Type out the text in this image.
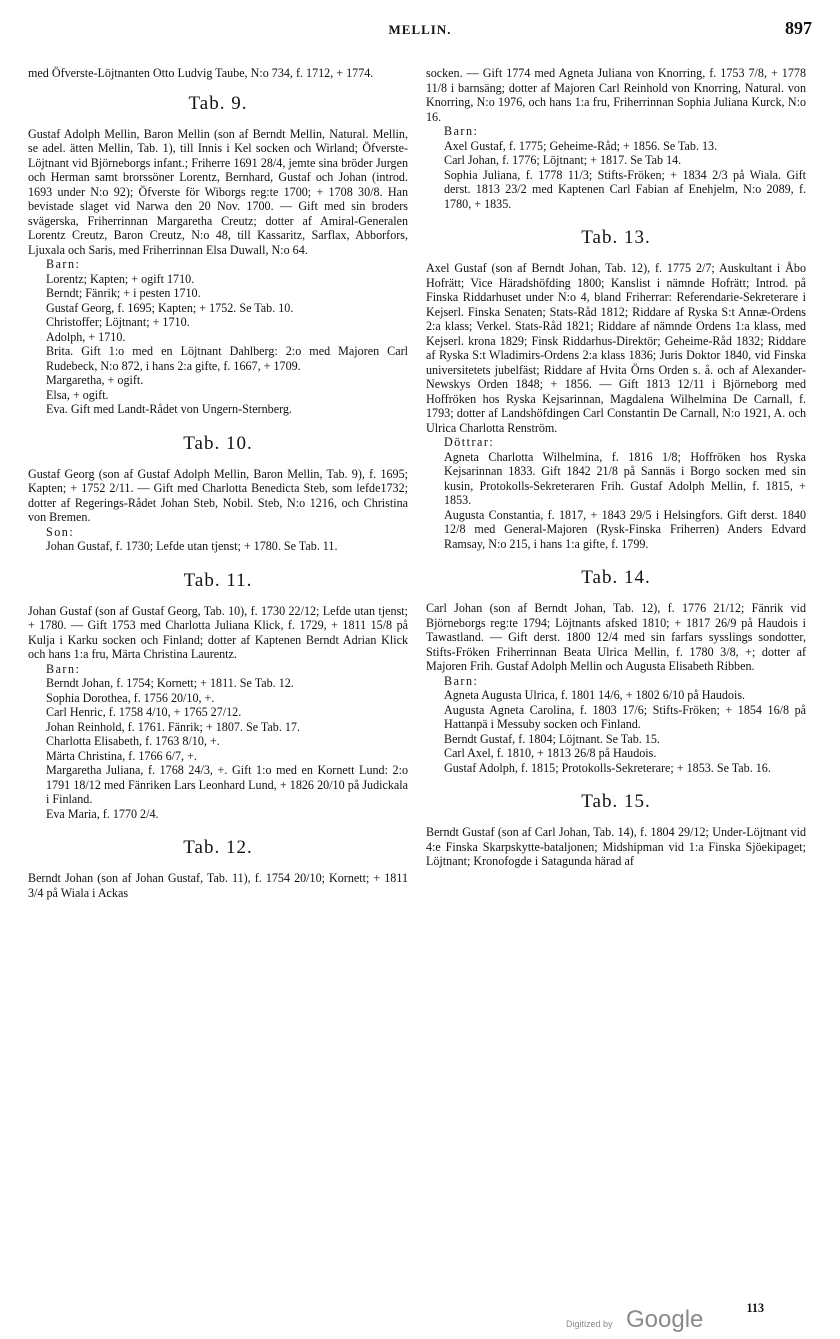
MELLIN.	897

med Öfverste-Löjtnanten Otto Ludvig Taube, N:o 734, f. 1712, + 1774.

Tab. 9.

Gustaf Adolph Mellin, Baron Mellin (son af Berndt Mellin, Natural. Mellin, se adel. ätten Mellin, Tab. 1), till Innis i Kel socken och Wirland; Öfverste-Löjtnant vid Björneborgs infant.; Friherre 1691 28/4, jemte sina bröder Jurgen och Herman samt brorssöner Lorentz, Bernhard, Gustaf och Johan (introd. 1693 under N:o 92); Öfverste för Wiborgs reg:te 1700; + 1708 30/8. Han bevistade slaget vid Narwa den 20 Nov. 1700. — Gift med sin broders svägerska, Friherrinnan Margaretha Creutz; dotter af Amiral-Generalen Lorentz Creutz, Baron Creutz, N:o 48, till Kassaritz, Sarflax, Abborfors, Ljuxala och Saris, med Friherrinnan Elsa Duwall, N:o 64.

Barn:

Lorentz; Kapten; + ogift 1710.

Berndt; Fänrik; + i pesten 1710.

Gustaf Georg, f. 1695; Kapten; + 1752. Se Tab. 10.

Christoffer; Löjtnant; + 1710.

Adolph, + 1710.

Brita. Gift 1:o med en Löjtnant Dahlberg: 2:o med Majoren Carl Rudebeck, N:o 872, i hans 2:a gifte, f. 1667, + 1709.

Margaretha, + ogift.

Elsa, + ogift.

Eva. Gift med Landt-Rådet von Ungern-Sternberg.

Tab. 10.

Gustaf Georg (son af Gustaf Adolph Mellin, Baron Mellin, Tab. 9), f. 1695; Kapten; + 1752 2/11. — Gift med Charlotta Benedicta Steb, som lefde1732; dotter af Regerings-Rådet Johan Steb, Nobil. Steb, N:o 1216, och Christina von Bremen.

Son:

Johan Gustaf, f. 1730; Lefde utan tjenst; + 1780. Se Tab. 11.

Tab. 11.

Johan Gustaf (son af Gustaf Georg, Tab. 10), f. 1730 22/12; Lefde utan tjenst; + 1780. — Gift 1753 med Charlotta Juliana Klick, f. 1729, + 1811 15/8 på Kulja i Karku socken och Finland; dotter af Kaptenen Berndt Adrian Klick och hans 1:a fru, Märta Christina Laurentz.

Barn:

Berndt Johan, f. 1754; Kornett; + 1811. Se Tab. 12.

Sophia Dorothea, f. 1756 20/10, +.

Carl Henric, f. 1758 4/10, + 1765 27/12.

Johan Reinhold, f. 1761. Fänrik; + 1807. Se Tab. 17.

Charlotta Elisabeth, f. 1763 8/10, +.

Märta Christina, f. 1766 6/7, +.

Margaretha Juliana, f. 1768 24/3, +. Gift 1:o med en Kornett Lund: 2:o 1791 18/12 med Fänriken Lars Leonhard Lund, + 1826 20/10 på Judickala i Finland.

Eva Maria, f. 1770 2/4.

Tab. 12.

Berndt Johan (son af Johan Gustaf, Tab. 11), f. 1754 20/10; Kornett; + 1811 3/4 på Wiala i Ackas

socken. — Gift 1774 med Agneta Juliana von Knorring, f. 1753 7/8, + 1778 11/8 i barnsäng; dotter af Majoren Carl Reinhold von Knorring, Natural. von Knorring, N:o 1976, och hans 1:a fru, Friherrinnan Sophia Juliana Kurck, N:o 16.

Barn:

Axel Gustaf, f. 1775; Geheime-Råd; + 1856. Se Tab. 13.

Carl Johan, f. 1776; Löjtnant; + 1817. Se Tab 14.

Sophia Juliana, f. 1778 11/3; Stifts-Fröken; + 1834 2/3 på Wiala. Gift derst. 1813 23/2 med Kaptenen Carl Fabian af Enehjelm, N:o 2089, f. 1780, + 1835.

Tab. 13.

Axel Gustaf (son af Berndt Johan, Tab. 12), f. 1775 2/7; Auskultant i Åbo Hofrätt; Vice Häradshöfding 1800; Kanslist i nämnde Hofrätt; Introd. på Finska Riddarhuset under N:o 4, bland Friherrar: Referendarie-Sekreterare i Kejserl. Finska Senaten; Stats-Råd 1812; Riddare af Ryska S:t Annæ-Ordens 2:a klass; Verkel. Stats-Råd 1821; Riddare af nämnde Ordens 1:a klass, med Kejserl. krona 1829; Finsk Riddarhus-Direktör; Geheime-Råd 1832; Riddare af Ryska S:t Wladimirs-Ordens 2:a klass 1836; Juris Doktor 1840, vid Finska universitetets jubelfäst; Riddare af Hvita Örns Orden s. å. och af Alexander-Newskys Orden 1848; + 1856. — Gift 1813 12/11 i Björneborg med Hoffröken hos Ryska Kejsarinnan, Magdalena Wilhelmina De Carnall, f. 1793; dotter af Landshöfdingen Carl Constantin De Carnall, N:o 1921, A. och Ulrica Charlotta Renström.

Döttrar:

Agneta Charlotta Wilhelmina, f. 1816 1/8; Hoffröken hos Ryska Kejsarinnan 1833. Gift 1842 21/8 på Sannäs i Borgo socken med sin kusin, Protokolls-Sekreteraren Frih. Gustaf Adolph Mellin, f. 1815, + 1853.

Augusta Constantia, f. 1817, + 1843 29/5 i Helsingfors. Gift derst. 1840 12/8 med General-Majoren (Rysk-Finska Friherren) Anders Edvard Ramsay, N:o 215, i hans 1:a gifte, f. 1799.

Tab. 14.

Carl Johan (son af Berndt Johan, Tab. 12), f. 1776 21/12; Fänrik vid Björneborgs reg:te 1794; Löjtnants afsked 1810; + 1817 26/9 på Haudois i Tawastland. — Gift derst. 1800 12/4 med sin farfars sysslings sondotter, Stifts-Fröken Friherrinnan Beata Ulrica Mellin, f. 1780 3/8, +; dotter af Majoren Frih. Gustaf Adolph Mellin och Augusta Elisabeth Ribben.

Barn:

Agneta Augusta Ulrica, f. 1801 14/6, + 1802 6/10 på Haudois.

Augusta Agneta Carolina, f. 1803 17/6; Stifts-Fröken; + 1854 16/8 på Hattanpä i Messuby socken och Finland.

Berndt Gustaf, f. 1804; Löjtnant. Se Tab. 15.

Carl Axel, f. 1810, + 1813 26/8 på Haudois.

Gustaf Adolph, f. 1815; Protokolls-Sekreterare; + 1853. Se Tab. 16.

Tab. 15.

Berndt Gustaf (son af Carl Johan, Tab. 14), f. 1804 29/12; Under-Löjtnant vid 4:e Finska Skarpskytte-bataljonen; Midshipman vid 1:a Finska Sjöekipaget; Löjtnant; Kronofogde i Satagunda härad af

113
Digitized by Google
